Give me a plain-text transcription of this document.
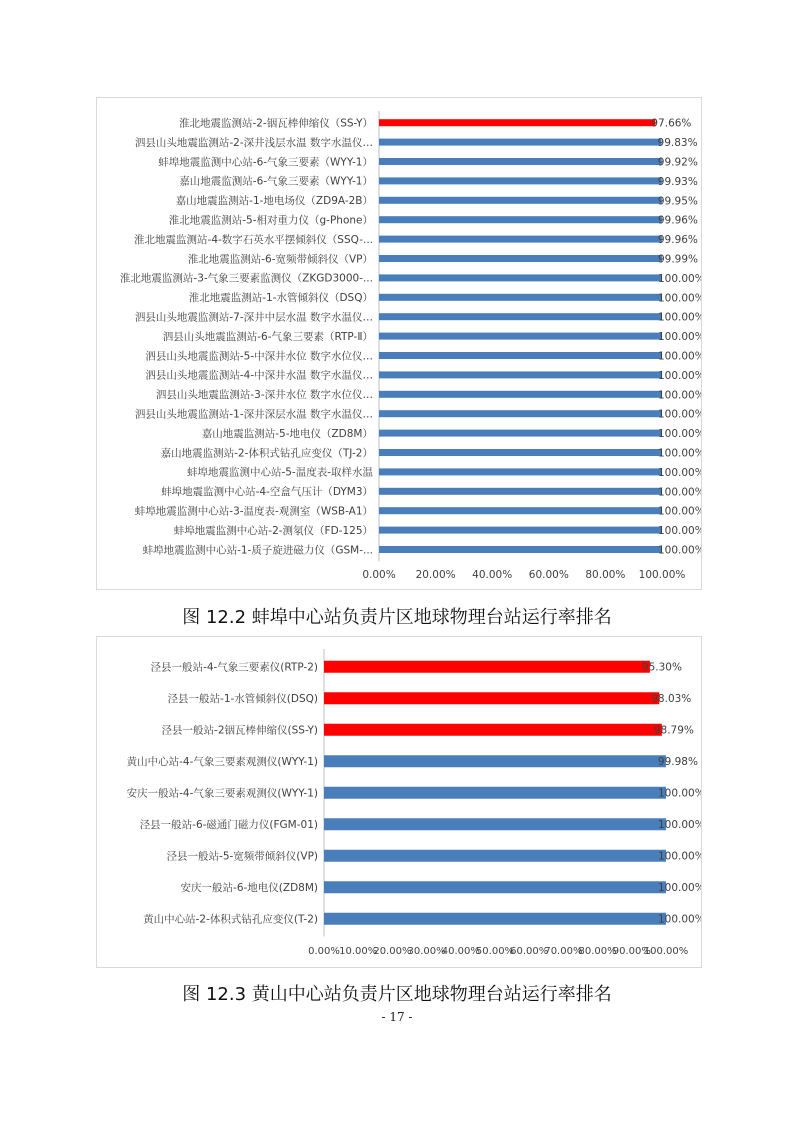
淮北地震监测站-2-铟瓦棒伸缩仪（SS-Y）
泗县山头地震监测站-2-深井浅层水温 数字水温仪…
蚌埠地震监测中心站-6-气象三要素（WYY-1）
嘉山地震监测站-6-气象三要素（WYY-1）
嘉山地震监测站-1-地电场仪（ZD9A-2B）
淮北地震监测站-5-相对重力仪（g-Phone）
淮北地震监测站-4-数字石英水平摆倾斜仪（SSQ-...
淮北地震监测站-6-宽频带倾斜仪（VP）
淮北地震监测站-3-气象三要素监测仪（ZKGD3000-...
淮北地震监测站-1-水管倾斜仪（DSQ）
泗县山头地震监测站-7-深井中层水温 数字水温仪…
泗县山头地震监测站-6-气象三要素（RTP-Ⅱ）
泗县山头地震监测站-5-中深井水位 数字水位仪…
泗县山头地震监测站-4-中深井水温 数字水温仪…
泗县山头地震监测站-3-深井水位 数字水位仪…
泗县山头地震监测站-1-深井深层水温 数字水温仪…
嘉山地震监测站-5-地电仪（ZD8M）
嘉山地震监测站-2-体积式钻孔应变仪（TJ-2）
蚌埠地震监测中心站-5-温度表-取样水温
蚌埠地震监测中心站-4-空盒气压计（DYM3）
蚌埠地震监测中心站-3-温度表-观测室（WSB-A1）
蚌埠地震监测中心站-2-测氡仪（FD-125）
蚌埠地震监测中心站-1-质子旋进磁力仪（GSM-...
97.66%
99.83%
99.92%
99.93%
99.95%
99.96%
99.96%
99.99%
100.00%
100.00%
100.00%
100.00%
100.00%
100.00%
100.00%
100.00%
100.00%
100.00%
100.00%
100.00%
100.00%
100.00%
100.00%
0.00% 20.00% 40.00% 60.00% 80.00% 100.00%
图 12.2 蚌埠中心站负责片区地球物理台站运行率排名
泾县一般站-4-气象三要素仪(RTP-2)
泾县一般站-1-水管倾斜仪(DSQ)
泾县一般站-2铟瓦棒伸缩仪(SS-Y)
黄山中心站-4-气象三要素观测仪(WYY-1)
安庆一般站-4-气象三要素观测仪(WYY-1)
泾县一般站-6-磁通门磁力仪(FGM-01)
泾县一般站-5-宽频带倾斜仪(VP)
安庆一般站-6-地电仪(ZD8M)
黄山中心站-2-体积式钻孔应变仪(T-2)
95.30%
98.03%
98.79%
99.98%
100.00%
100.00%
100.00%
100.00%
100.00%
0.00% 10.00%
20.00%
30.00%
40.00%
50.00%
60.00%
70.00%
80.00%
90.00%
100.00%
图 12.3 黄山中心站负责片区地球物理台站运行率排名
- 17 -
